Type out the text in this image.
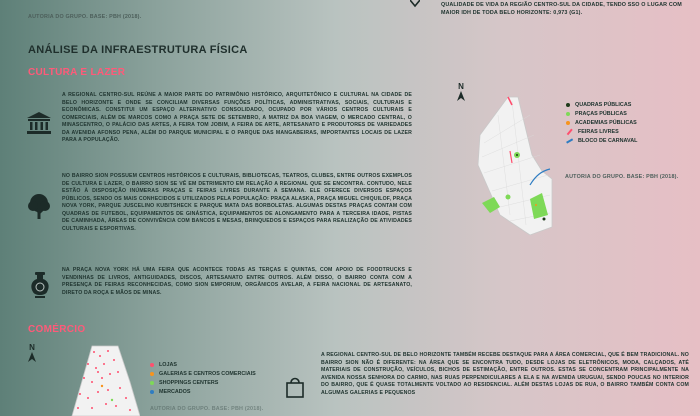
AUTORIA DO GRUPO. BASE: PBH (2018).
QUALIDADE DE VIDA DA REGIÃO CENTRO-SUL DA CIDADE, TENDO SSO O LUGAR COM MAIOR IDH DE TODA BELO HORIZONTE: 0,973 (G1).
ANÁLISE DA INFRAESTRUTURA FÍSICA
CULTURA E LAZER
A REGIONAL CENTRO-SUL REÚNE A MAIOR PARTE DO PATRIMÔNIO HISTÓRICO, ARQUITETÔNICO E CULTURAL NA CIDADE DE BELO HORIZONTE E ONDE SE CONCILIAM DIVERSAS FUNÇÕES POLÍTICAS, ADMINISTRATIVAS, SOCIAIS, CULTURAIS E ECONÔMICAS. CONSTITUI UM ESPAÇO ALTERNATIVO CONSOLIDADO, OCUPADO POR VÁRIOS CENTROS CULTURAIS E COMERCIAIS, ALÉM DE MARCOS COMO A PRAÇA SETE DE SETEMBRO, A MATRIZ DA BOA VIAGEM, O MERCADO CENTRAL, O MINASCENTRO, O PALÁCIO DAS ARTES, A FEIRA TOM JOBIM, A FEIRA DE ARTE, ARTESANATO E PRODUTORES DE VARIEDADES DA AVENIDA AFONSO PENA, ALÉM DO PARQUE MUNICIPAL E O PARQUE DAS MANGABEIRAS, IMPORTANTES LOCAIS DE LAZER PARA A POPULAÇÃO.
NO BAIRRO SION POSSUEM CENTROS HISTÓRICOS E CULTURAIS, BIBLIOTECAS, TEATROS, CLUBES, ENTRE OUTROS EXEMPLOS DE CULTURA E LAZER, O BAIRRO SION SE VÊ EM DETRIMENTO EM RELAÇÃO A REGIONAL QUE SE ENCONTRA. CONTUDO, NELE ESTÃO À DISPOSIÇÃO INÚMERAS PRAÇAS E FEIRAS LIVRES DURANTE A SEMANA. ELE OFERECE DIVERSOS ESPAÇOS PÚBLICOS, SENDO OS MAIS CONHECIDOS E UTILIZADOS PELA POPULAÇÃO: PRAÇA ALASKA, PRAÇA MIGUEL CHIQUILOF, PRAÇA NOVA YORK, PARQUE JUSCELINO KUBITSHECK E PARQUE MATA DAS BORBOLETAS. ALGUMAS DESTAS PRAÇAS CONTAM COM QUADRAS DE FUTEBOL, EQUIPAMENTOS DE GINÁSTICA, EQUIPAMENTOS DE ALONGAMENTO PARA A TERCEIRA IDADE, PISTAS DE CAMINHADA, ÁREAS DE CONVIVÊNCIA COM BANCOS E MESAS, BRINQUEDOS E ESPAÇOS PARA REALIZAÇÃO DE ATIVIDADES CULTURAIS E ESPORTIVAS.
NA PRAÇA NOVA YORK HÁ UMA FEIRA QUE ACONTECE TODAS AS TERÇAS E QUINTAS, COM APOIO DE FOODTRUCKS E VENDINHAS DE LIVROS, ANTIGUIDADES, DISCOS, ARTESANATO ENTRE OUTROS. ALÉM DISSO, O BAIRRO CONTA COM A PRESENÇA DE FEIRAS RECONHECIDAS, COMO SION EMPORIUM, ORGÂNICOS AVELAR, A FEIRA NACIONAL DE ARTESANATO, DIRETO DA ROÇA E MÃOS DE MINAS.
N
QUADRAS PÚBLICAS
PRAÇAS PÚBLICAS
ACADEMIAS PÚBLICAS
FEIRAS LIVRES
BLOCO DE CARNAVAL
AUTORIA DO GRUPO. BASE: PBH (2018).
COMÉRCIO
N
LOJAS
GALERIAS E CENTROS COMERCIAIS
SHOPPINGS CENTERS
MERCADOS
AUTORIA DO GRUPO. BASE: PBH (2018).
A REGIONAL CENTRO-SUL DE BELO HORIZONTE TAMBÉM RECEBE DESTAQUE PARA A ÁREA COMERCIAL, QUE É BEM TRADICIONAL. NO BAIRRO SION NÃO É DIFERENTE: NA ÁREA QUE SE ENCONTRA TUDO, DESDE LOJAS DE ELETRÔNICOS, MODA, CALÇADOS, ATÉ MATERIAIS DE CONSTRUÇÃO, VEÍCULOS, BICHOS DE ESTIMAÇÃO, ENTRE OUTROS. ESTAS SE CONCENTRAM PRINCIPALMENTE NA AVENIDA NOSSA SENHORA DO CARMO, NAS RUAS PERPENDICULARES A ELA E NA AVENIDA URUGUAI, SENDO POUCAS NO INTERIOR DO BAIRRO, QUE É QUASE TOTALMENTE VOLTADO AO RESIDENCIAL. ALÉM DESTAS LOJAS DE RUA, O BAIRRO TAMBÉM CONTA COM ALGUMAS GALERIAS E PEQUENOS
